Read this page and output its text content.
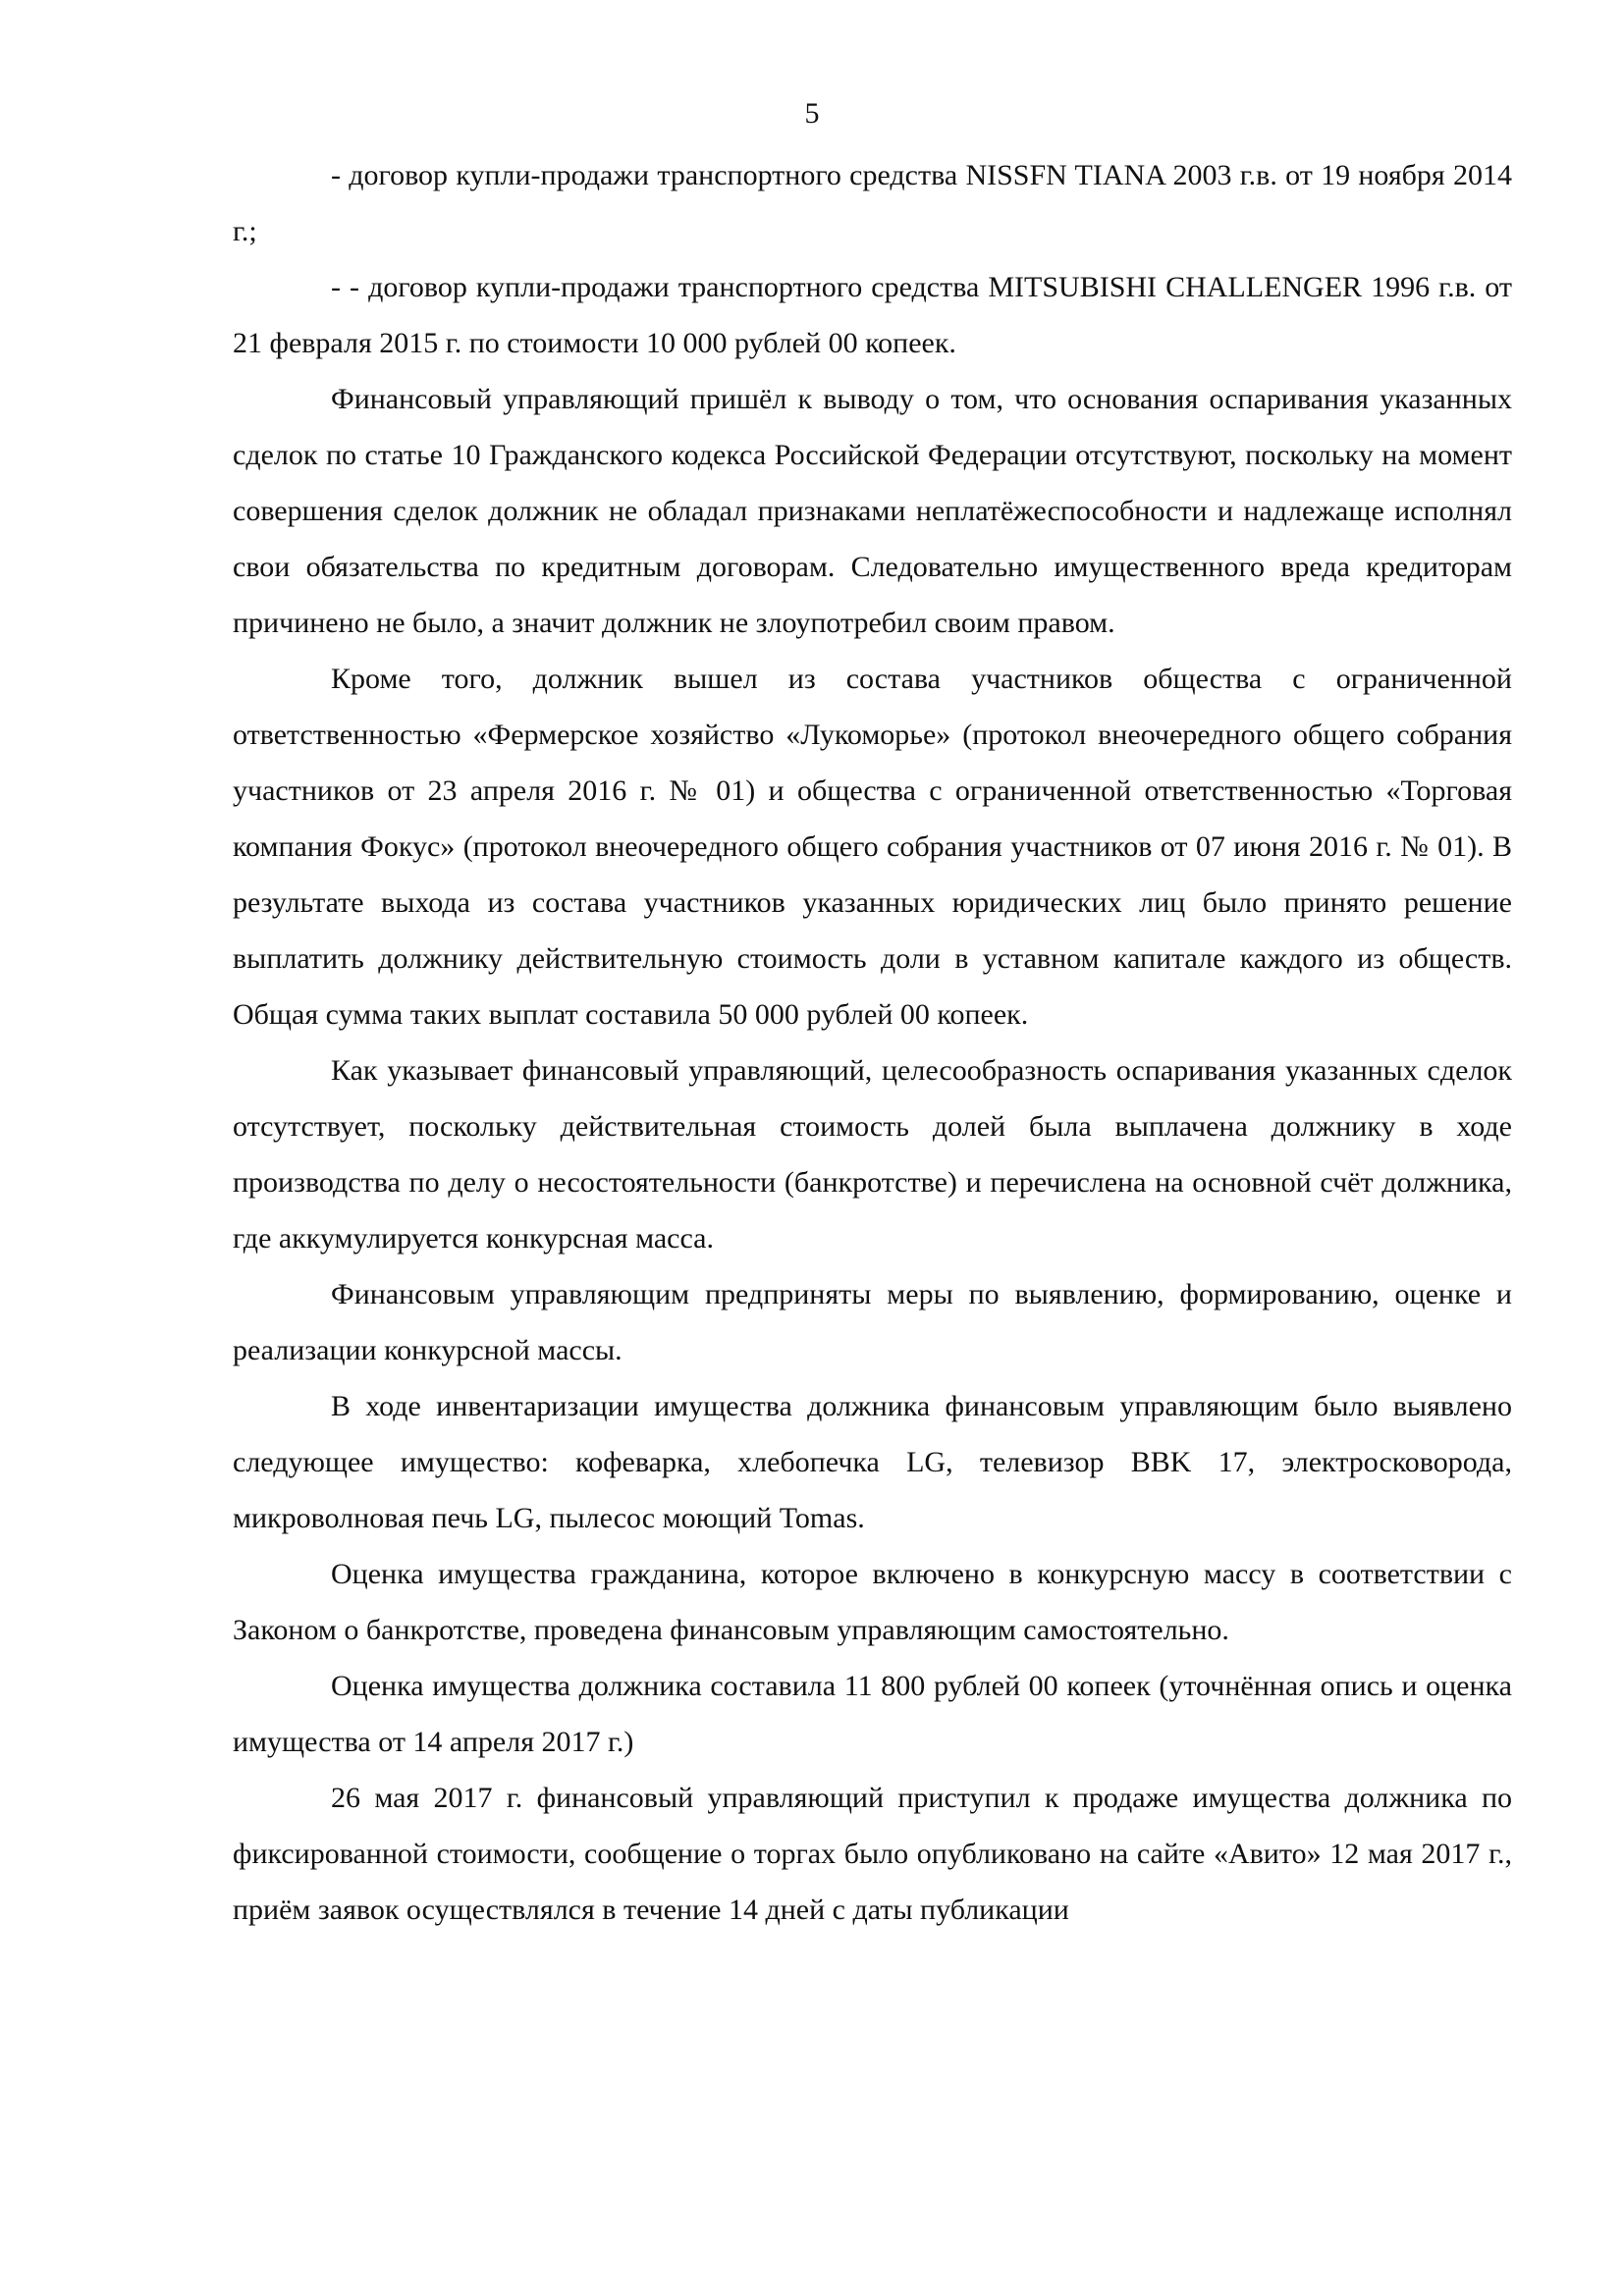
5

- договор купли-продажи транспортного средства NISSFN TIANA 2003 г.в. от 19 ноября 2014 г.;

- - договор купли-продажи транспортного средства MITSUBISHI CHALLENGER 1996 г.в. от 21 февраля 2015 г. по стоимости 10 000 рублей 00 копеек.

Финансовый управляющий пришёл к выводу о том, что основания оспаривания указанных сделок по статье 10 Гражданского кодекса Российской Федерации отсутствуют, поскольку на момент совершения сделок должник не обладал признаками неплатёжеспособности и надлежаще исполнял свои обязательства по кредитным договорам. Следовательно имущественного вреда кредиторам причинено не было, а значит должник не злоупотребил своим правом.

Кроме того, должник вышел из состава участников общества с ограниченной ответственностью «Фермерское хозяйство «Лукоморье» (протокол внеочередного общего собрания участников от 23 апреля 2016 г. № 01) и общества с ограниченной ответственностью «Торговая компания Фокус» (протокол внеочередного общего собрания участников от 07 июня 2016 г. № 01). В результате выхода из состава участников указанных юридических лиц было принято решение выплатить должнику действительную стоимость доли в уставном капитале каждого из обществ. Общая сумма таких выплат составила 50 000 рублей 00 копеек.

Как указывает финансовый управляющий, целесообразность оспаривания указанных сделок отсутствует, поскольку действительная стоимость долей была выплачена должнику в ходе производства по делу о несостоятельности (банкротстве) и перечислена на основной счёт должника, где аккумулируется конкурсная масса.

Финансовым управляющим предприняты меры по выявлению, формированию, оценке и реализации конкурсной массы.

В ходе инвентаризации имущества должника финансовым управляющим было выявлено следующее имущество: кофеварка, хлебопечка LG, телевизор BBK 17, электросковорода, микроволновая печь LG, пылесос моющий Tomas.

Оценка имущества гражданина, которое включено в конкурсную массу в соответствии с Законом о банкротстве, проведена финансовым управляющим самостоятельно.

Оценка имущества должника составила 11 800 рублей 00 копеек (уточнённая опись и оценка имущества от 14 апреля 2017 г.)

26 мая 2017 г. финансовый управляющий приступил к продаже имущества должника по фиксированной стоимости, сообщение о торгах было опубликовано на сайте «Авито» 12 мая 2017 г., приём заявок осуществлялся в течение 14 дней с даты публикации
